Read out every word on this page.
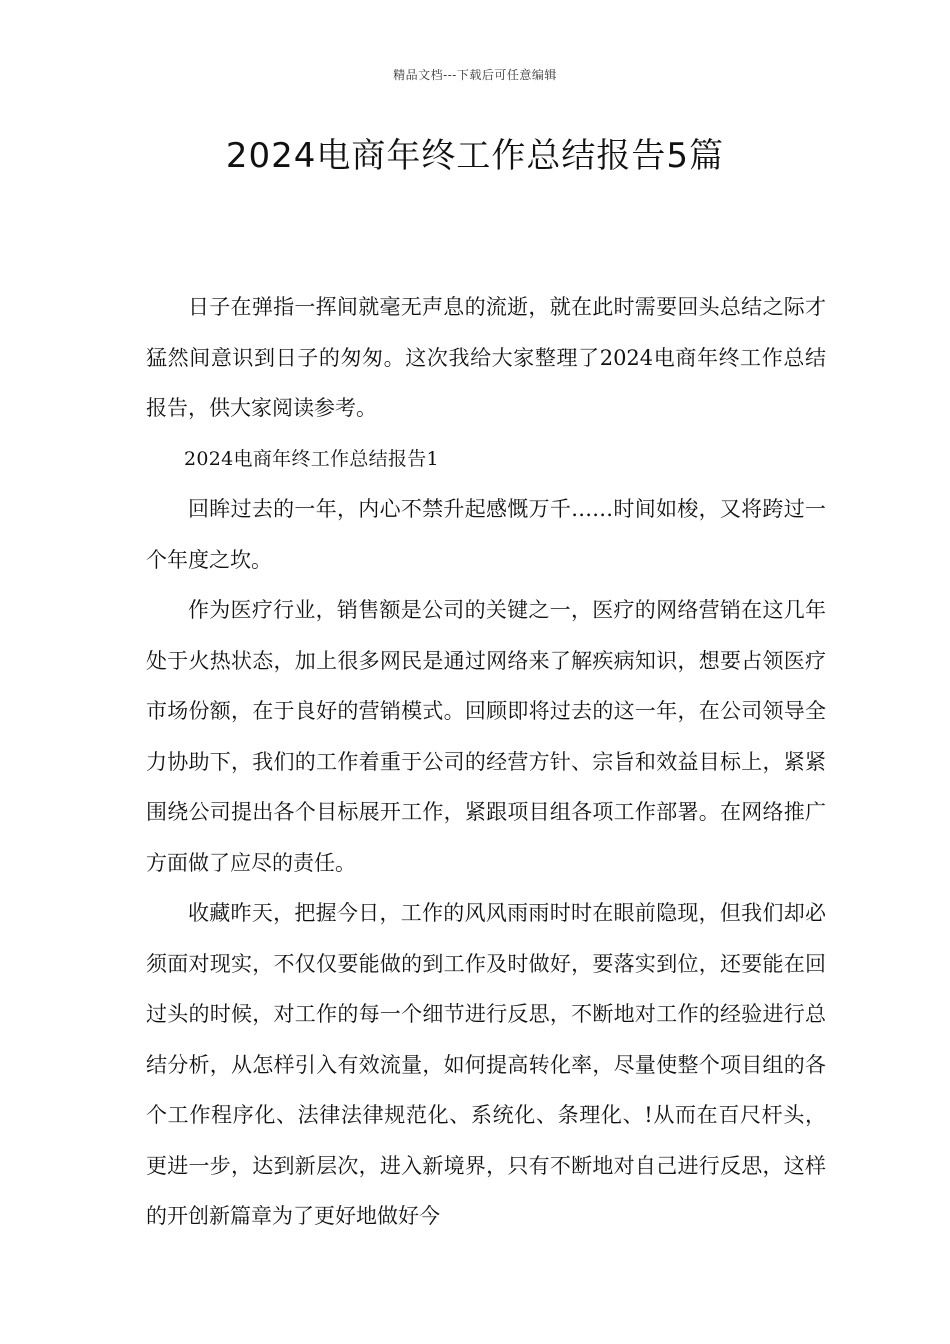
精品文档---下载后可任意编辑
2024电商年终工作总结报告5篇

日子在弹指一挥间就毫无声息的流逝，就在此时需要回头总结之际才猛然间意识到日子的匆匆。这次我给大家整理了2024电商年终工作总结报告，供大家阅读参考。

2024电商年终工作总结报告1

回眸过去的一年，内心不禁升起感慨万千……时间如梭，又将跨过一个年度之坎。

作为医疗行业，销售额是公司的关键之一，医疗的网络营销在这几年处于火热状态，加上很多网民是通过网络来了解疾病知识，想要占领医疗市场份额，在于良好的营销模式。回顾即将过去的这一年，在公司领导全力协助下，我们的工作着重于公司的经营方针、宗旨和效益目标上，紧紧围绕公司提出各个目标展开工作，紧跟项目组各项工作部署。在网络推广方面做了应尽的责任。

收藏昨天，把握今日，工作的风风雨雨时时在眼前隐现，但我们却必须面对现实，不仅仅要能做的到工作及时做好，要落实到位，还要能在回过头的时候，对工作的每一个细节进行反思，不断地对工作的经验进行总结分析，从怎样引入有效流量，如何提高转化率，尽量使整个项目组的各个工作程序化、法律法律规范化、系统化、条理化、!从而在百尺杆头，更进一步，达到新层次，进入新境界，只有不断地对自己进行反思，这样的开创新篇章为了更好地做好今
